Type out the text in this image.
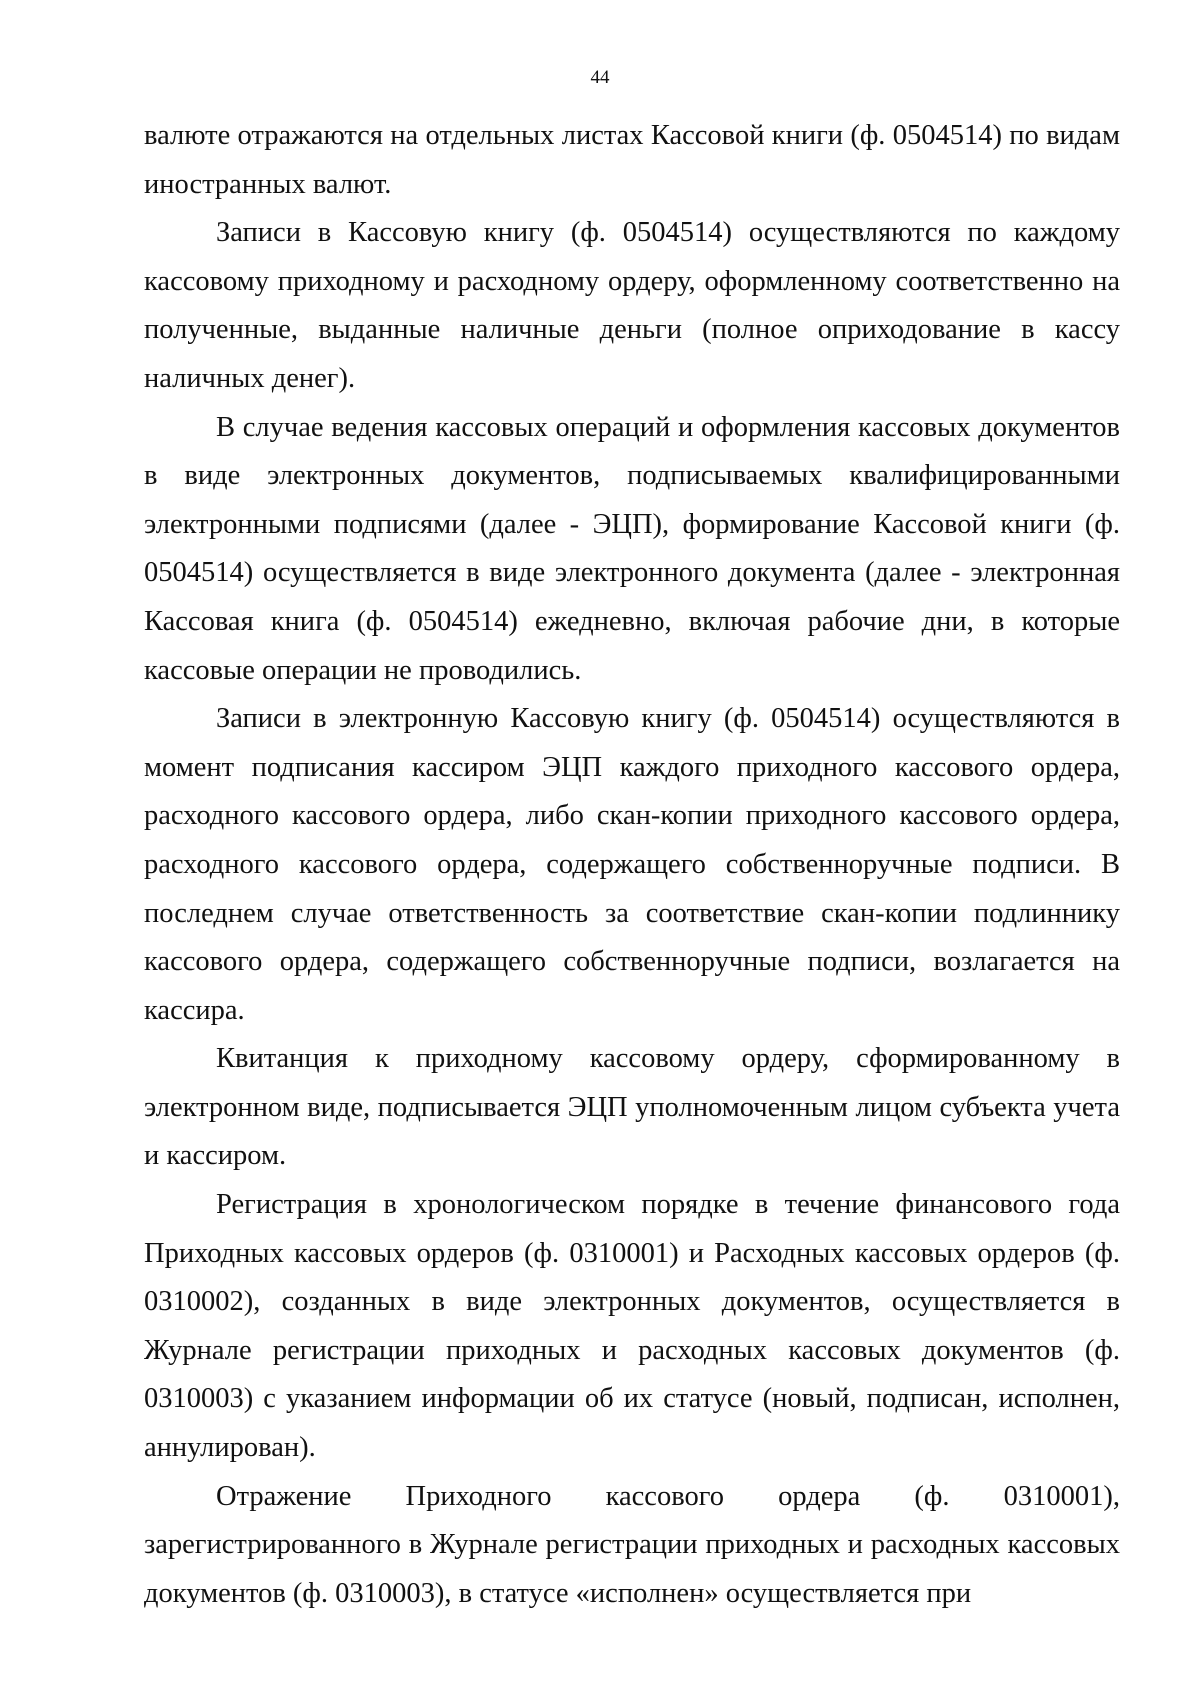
44

валюте отражаются на отдельных листах Кассовой книги (ф. 0504514) по видам иностранных валют.

Записи в Кассовую книгу (ф. 0504514) осуществляются по каждому кассовому приходному и расходному ордеру, оформленному соответственно на полученные, выданные наличные деньги (полное оприходование в кассу наличных денег).

В случае ведения кассовых операций и оформления кассовых документов в виде электронных документов, подписываемых квалифицированными электронными подписями (далее - ЭЦП), формирование Кассовой книги (ф. 0504514) осуществляется в виде электронного документа (далее - электронная Кассовая книга (ф. 0504514) ежедневно, включая рабочие дни, в которые кассовые операции не проводились.

Записи в электронную Кассовую книгу (ф. 0504514) осуществляются в момент подписания кассиром ЭЦП каждого приходного кассового ордера, расходного кассового ордера, либо скан-копии приходного кассового ордера, расходного кассового ордера, содержащего собственноручные подписи. В последнем случае ответственность за соответствие скан-копии подлиннику кассового ордера, содержащего собственноручные подписи, возлагается на кассира.

Квитанция к приходному кассовому ордеру, сформированному в электронном виде, подписывается ЭЦП уполномоченным лицом субъекта учета и кассиром.

Регистрация в хронологическом порядке в течение финансового года Приходных кассовых ордеров (ф. 0310001) и Расходных кассовых ордеров (ф. 0310002), созданных в виде электронных документов, осуществляется в Журнале регистрации приходных и расходных кассовых документов (ф. 0310003) с указанием информации об их статусе (новый, подписан, исполнен, аннулирован).

Отражение Приходного кассового ордера (ф. 0310001), зарегистрированного в Журнале регистрации приходных и расходных кассовых документов (ф. 0310003), в статусе «исполнен» осуществляется при
